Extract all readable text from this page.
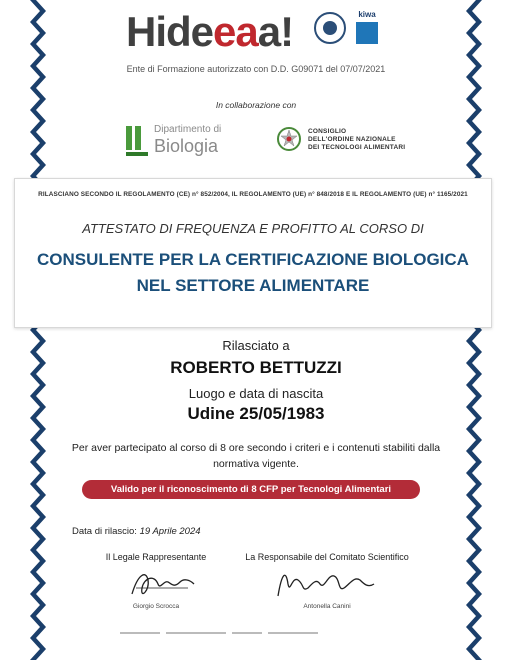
Hideeaa!	kiwa
Ente di Formazione autorizzato con D.D. G09071 del 07/07/2021
In collaborazione con
Dipartimento di
Biologia
CONSIGLIO
DELL'ORDINE NAZIONALE
DEI TECNOLOGI ALIMENTARI
RILASCIANO SECONDO IL REGOLAMENTO (CE) n° 852/2004, IL REGOLAMENTO (UE) n° 848/2018 E IL REGOLAMENTO (UE) n° 1165/2021
ATTESTATO DI FREQUENZA E PROFITTO AL CORSO DI
CONSULENTE PER LA CERTIFICAZIONE BIOLOGICA
NEL SETTORE ALIMENTARE
Rilasciato a
ROBERTO BETTUZZI
Luogo e data di nascita
Udine 25/05/1983
Per aver partecipato al corso di 8 ore secondo i criteri e i contenuti stabiliti dalla normativa vigente.
Valido per il riconoscimento di 8 CFP per Tecnologi Alimentari
Data di rilascio: 19 Aprile 2024
Il Legale Rappresentante	La Responsabile del Comitato Scientifico
Giorgio Scrocca	Antonella Canini
